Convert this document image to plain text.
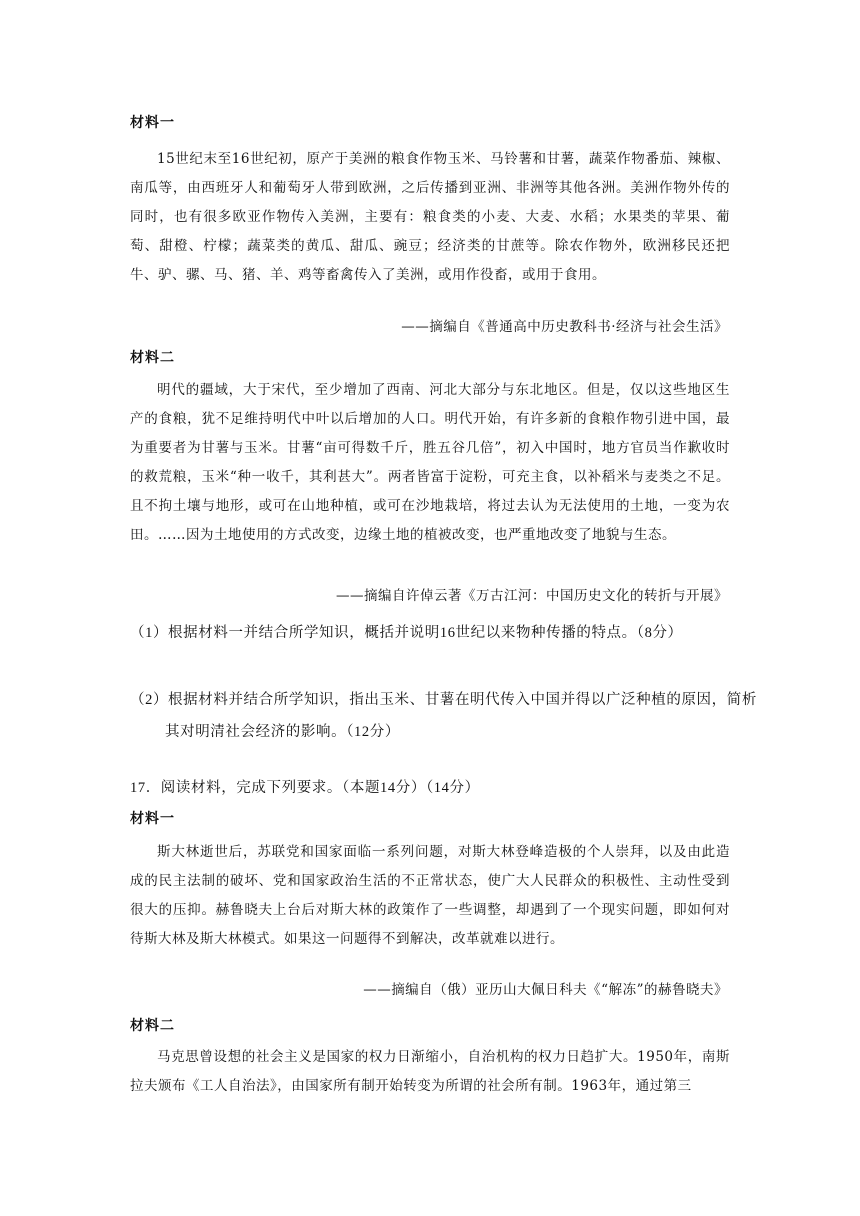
材料一

15世纪末至16世纪初，原产于美洲的粮食作物玉米、马铃薯和甘薯，蔬菜作物番茄、辣椒、南瓜等，由西班牙人和葡萄牙人带到欧洲，之后传播到亚洲、非洲等其他各洲。美洲作物外传的同时，也有很多欧亚作物传入美洲，主要有：粮食类的小麦、大麦、水稻；水果类的苹果、葡萄、甜橙、柠檬；蔬菜类的黄瓜、甜瓜、豌豆；经济类的甘蔗等。除农作物外，欧洲移民还把牛、驴、骡、马、猪、羊、鸡等畜禽传入了美洲，或用作役畜，或用于食用。

——摘编自《普通高中历史教科书·经济与社会生活》
材料二

明代的疆域，大于宋代，至少增加了西南、河北大部分与东北地区。但是，仅以这些地区生产的食粮，犹不足维持明代中叶以后增加的人口。明代开始，有许多新的食粮作物引进中国，最为重要者为甘薯与玉米。甘薯“亩可得数千斤，胜五谷几倍”，初入中国时，地方官员当作歉收时的救荒粮，玉米“种一收千，其利甚大”。两者皆富于淀粉，可充主食，以补稻米与麦类之不足。且不拘土壤与地形，或可在山地种植，或可在沙地栽培，将过去认为无法使用的土地，一变为农田。……因为土地使用的方式改变，边缘土地的植被改变，也严重地改变了地貌与生态。

——摘编自许倬云著《万古江河：中国历史文化的转折与开展》
（1）根据材料一并结合所学知识，概括并说明16世纪以来物种传播的特点。（8分）
（2）根据材料并结合所学知识，指出玉米、甘薯在明代传入中国并得以广泛种植的原因，简析
其对明清社会经济的影响。（12分）
17．阅读材料，完成下列要求。（本题14分）（14分）
材料一

斯大林逝世后，苏联党和国家面临一系列问题，对斯大林登峰造极的个人崇拜，以及由此造成的民主法制的破坏、党和国家政治生活的不正常状态，使广大人民群众的积极性、主动性受到很大的压抑。赫鲁晓夫上台后对斯大林的政策作了一些调整，却遇到了一个现实问题，即如何对待斯大林及斯大林模式。如果这一问题得不到解决，改革就难以进行。

——摘编自（俄）亚历山大佩日科夫《“解冻”的赫鲁晓夫》
材料二

马克思曾设想的社会主义是国家的权力日渐缩小，自治机构的权力日趋扩大。1950年，南斯拉夫颁布《工人自治法》，由国家所有制开始转变为所谓的社会所有制。1963年，通过第三
